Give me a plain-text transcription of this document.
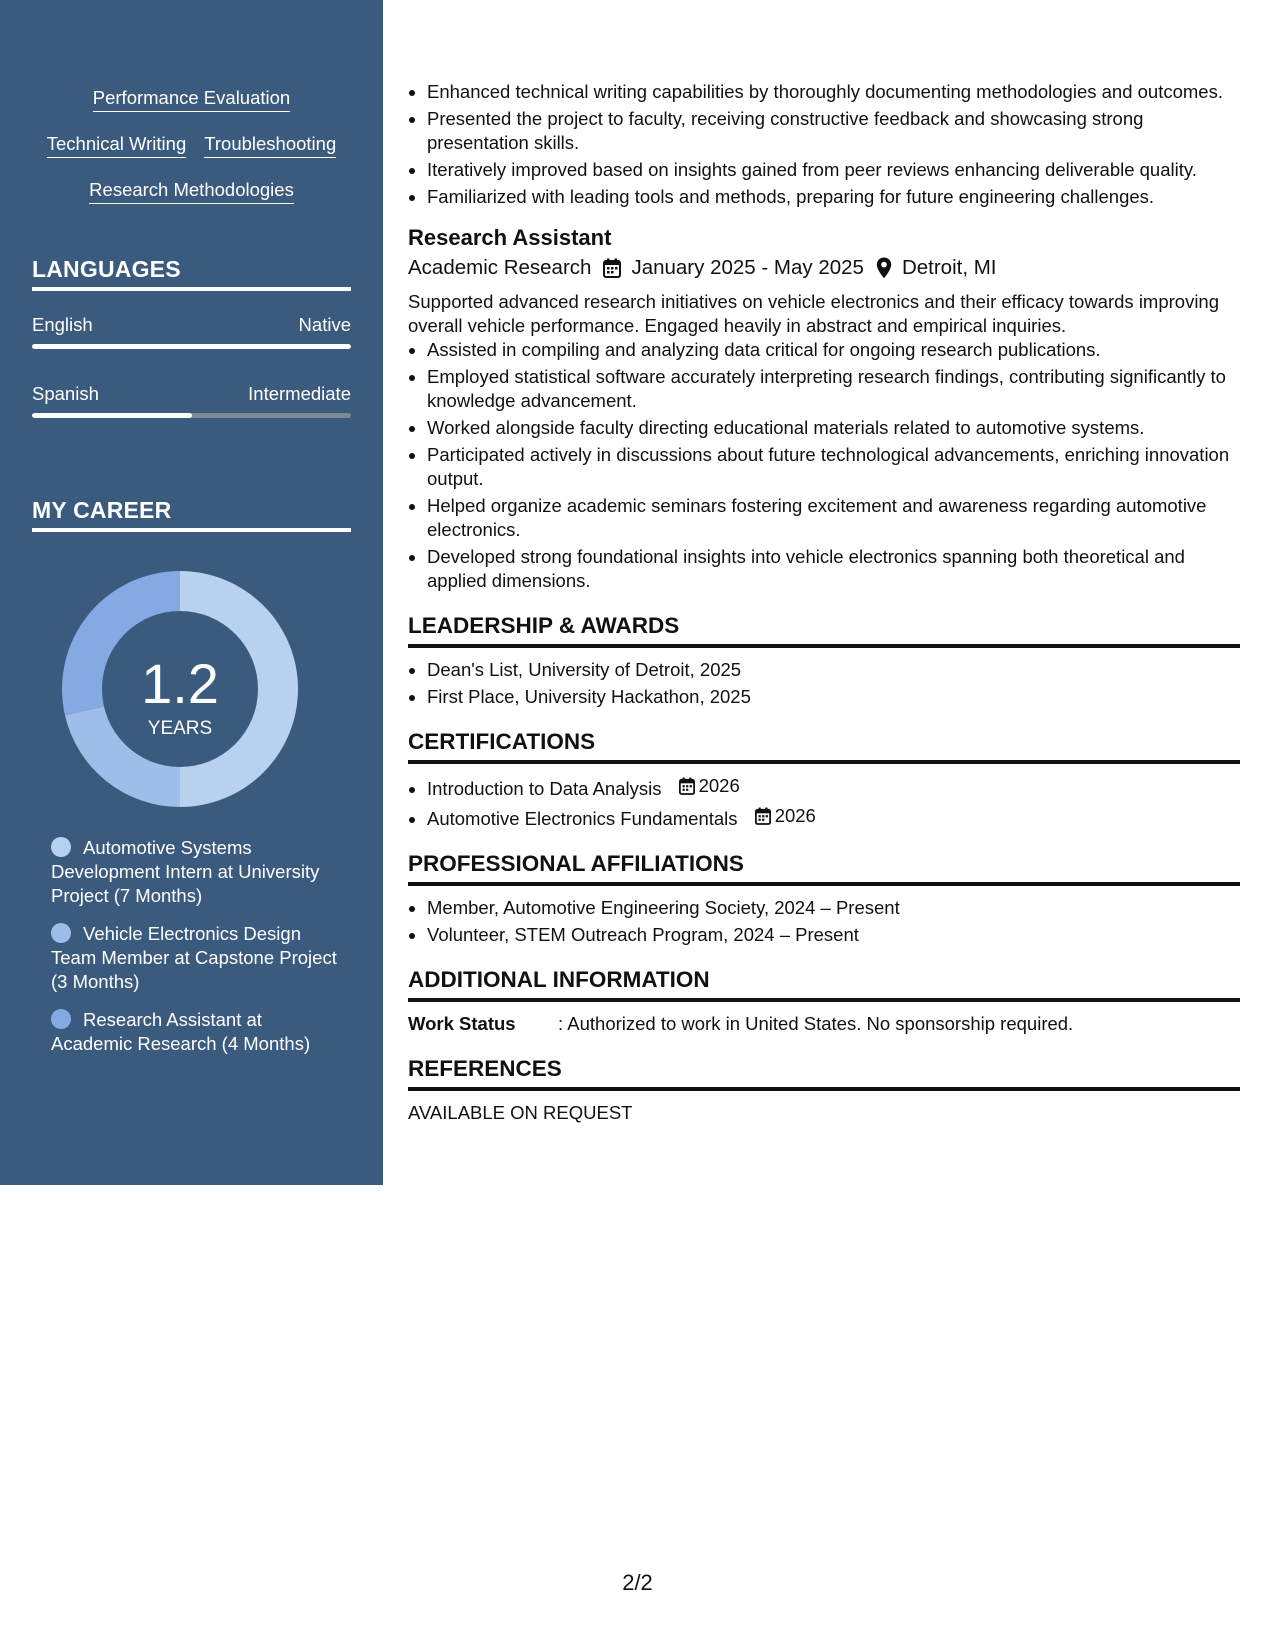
Performance Evaluation
Technical Writing Troubleshooting
Research Methodologies
LANGUAGES
English	Native
Spanish	Intermediate
MY CAREER
1.2
YEARS
Automotive Systems Development Intern at University Project (7 Months)
Vehicle Electronics Design Team Member at Capstone Project (3 Months)
Research Assistant at Academic Research (4 Months)
• Enhanced technical writing capabilities by thoroughly documenting methodologies and outcomes.
• Presented the project to faculty, receiving constructive feedback and showcasing strong presentation skills.
• Iteratively improved based on insights gained from peer reviews enhancing deliverable quality.
• Familiarized with leading tools and methods, preparing for future engineering challenges.
Research Assistant
Academic Research January 2025 - May 2025 Detroit, MI
Supported advanced research initiatives on vehicle electronics and their efficacy towards improving overall vehicle performance. Engaged heavily in abstract and empirical inquiries.
• Assisted in compiling and analyzing data critical for ongoing research publications.
• Employed statistical software accurately interpreting research findings, contributing significantly to knowledge advancement.
• Worked alongside faculty directing educational materials related to automotive systems.
• Participated actively in discussions about future technological advancements, enriching innovation output.
• Helped organize academic seminars fostering excitement and awareness regarding automotive electronics.
• Developed strong foundational insights into vehicle electronics spanning both theoretical and applied dimensions.
LEADERSHIP & AWARDS
• Dean's List, University of Detroit, 2025
• First Place, University Hackathon, 2025
CERTIFICATIONS
• Introduction to Data Analysis 2026
• Automotive Electronics Fundamentals 2026
PROFESSIONAL AFFILIATIONS
• Member, Automotive Engineering Society, 2024 – Present
• Volunteer, STEM Outreach Program, 2024 – Present
ADDITIONAL INFORMATION
Work Status	: Authorized to work in United States. No sponsorship required.
REFERENCES
AVAILABLE ON REQUEST
2/2
